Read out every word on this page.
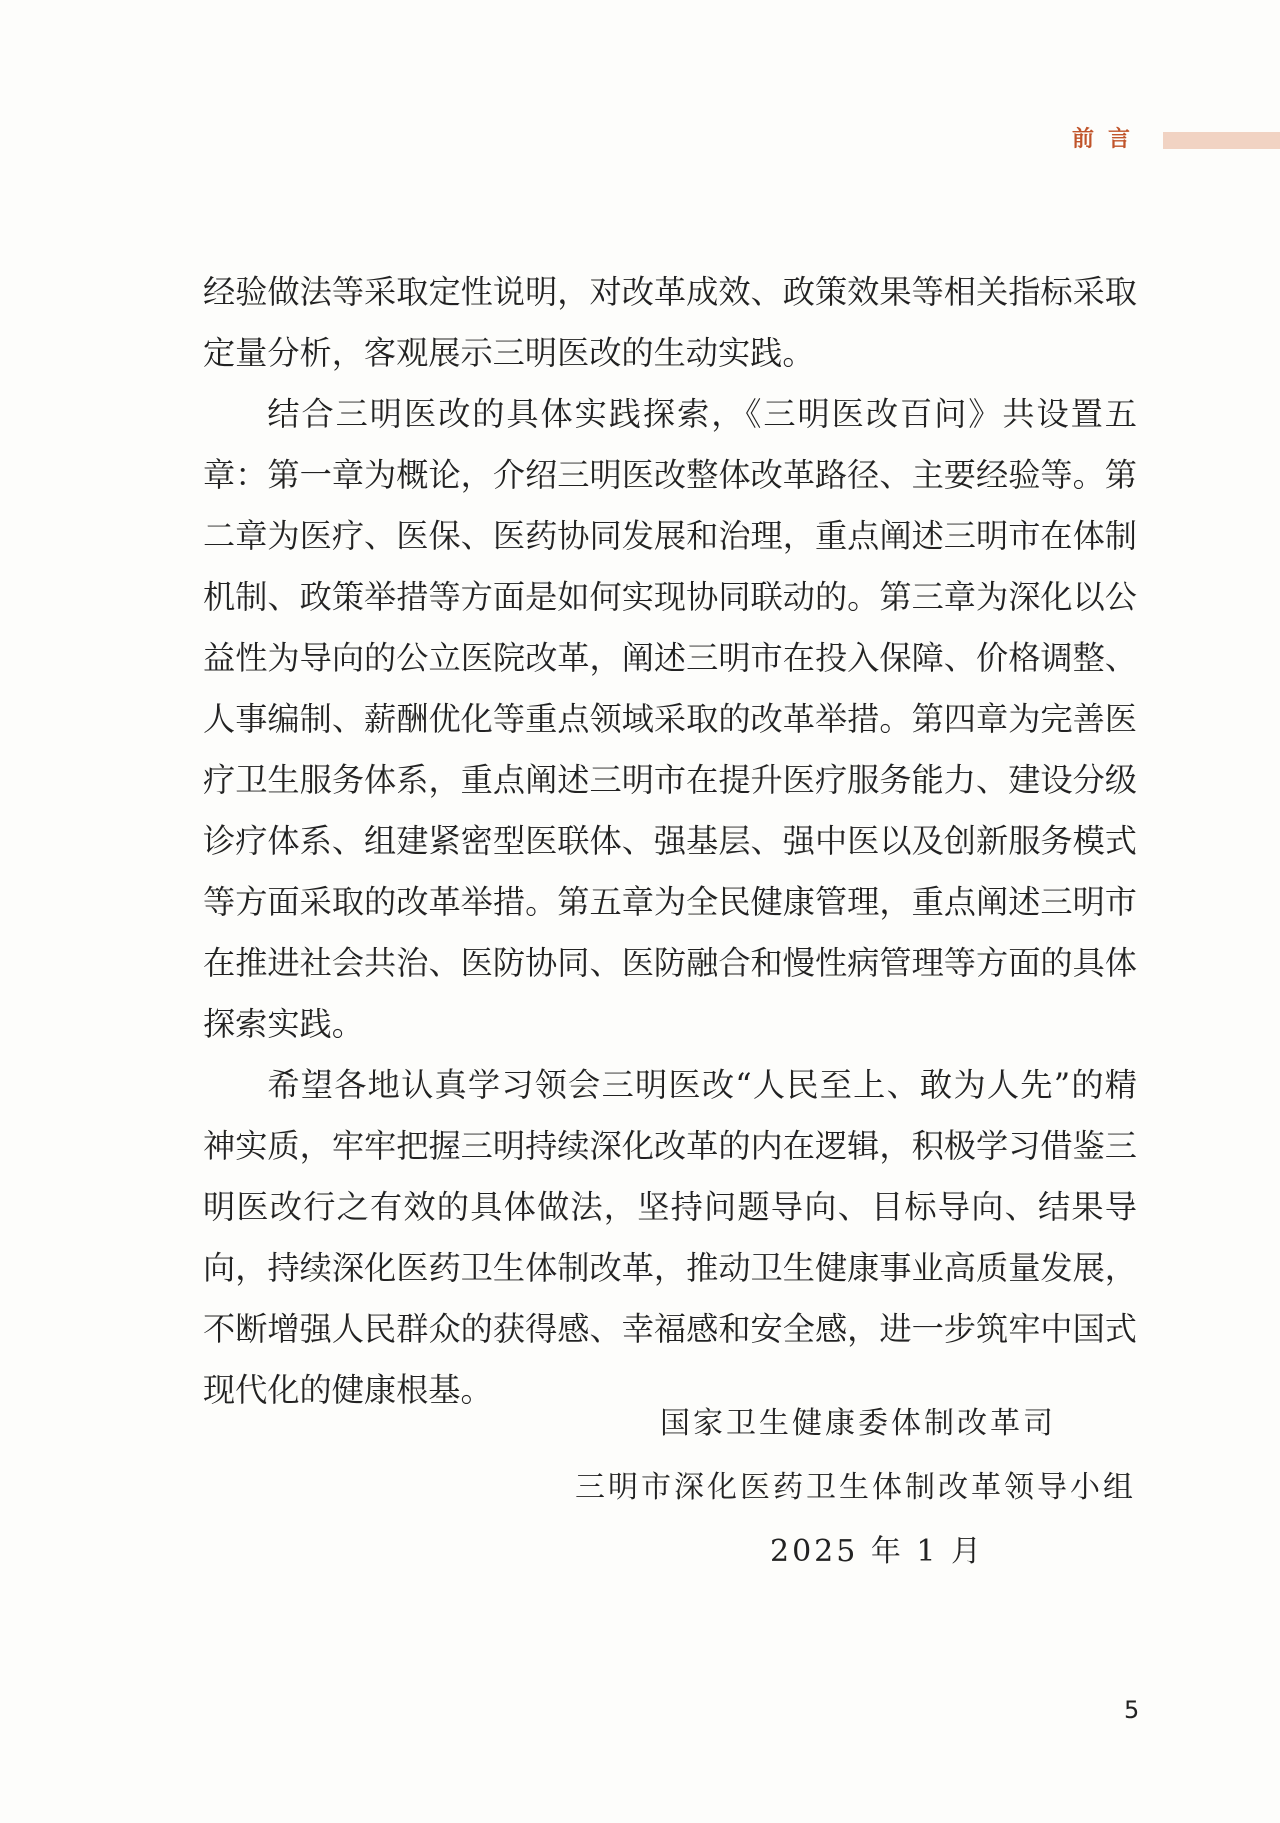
前言

经验做法等采取定性说明，对改革成效、政策效果等相关指标采取定量分析，客观展示三明医改的生动实践。

结合三明医改的具体实践探索，《三明医改百问》共设置五章：第一章为概论，介绍三明医改整体改革路径、主要经验等。第二章为医疗、医保、医药协同发展和治理，重点阐述三明市在体制机制、政策举措等方面是如何实现协同联动的。第三章为深化以公益性为导向的公立医院改革，阐述三明市在投入保障、价格调整、人事编制、薪酬优化等重点领域采取的改革举措。第四章为完善医疗卫生服务体系，重点阐述三明市在提升医疗服务能力、建设分级诊疗体系、组建紧密型医联体、强基层、强中医以及创新服务模式等方面采取的改革举措。第五章为全民健康管理，重点阐述三明市在推进社会共治、医防协同、医防融合和慢性病管理等方面的具体探索实践。

希望各地认真学习领会三明医改“人民至上、敢为人先”的精神实质，牢牢把握三明持续深化改革的内在逻辑，积极学习借鉴三明医改行之有效的具体做法，坚持问题导向、目标导向、结果导向，持续深化医药卫生体制改革，推动卫生健康事业高质量发展，不断增强人民群众的获得感、幸福感和安全感，进一步筑牢中国式现代化的健康根基。

国家卫生健康委体制改革司
三明市深化医药卫生体制改革领导小组
2025 年 1 月
5
